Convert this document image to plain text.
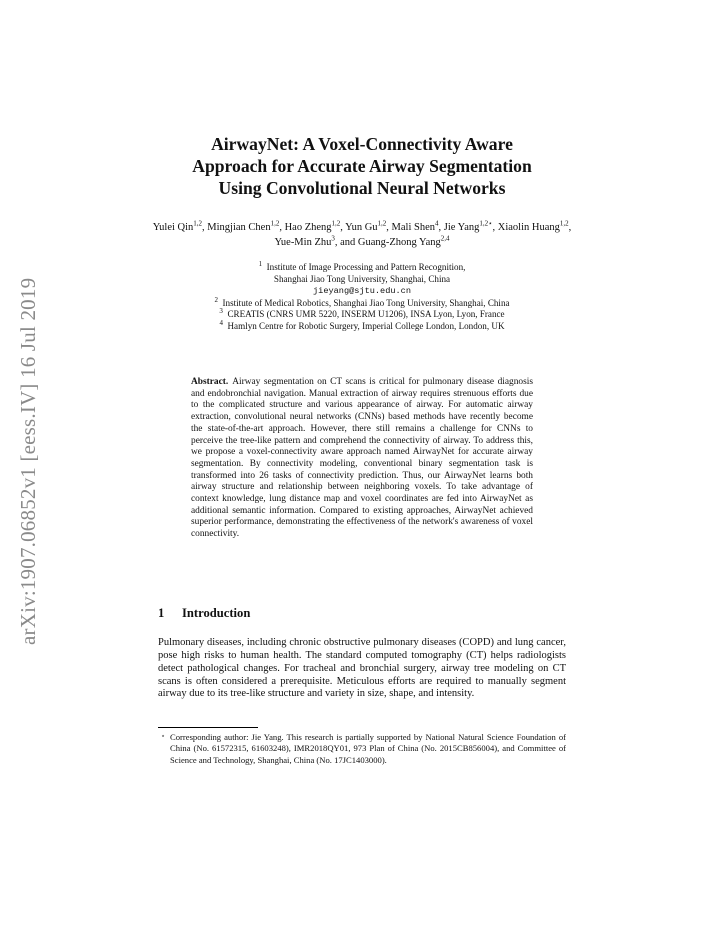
arXiv:1907.06852v1 [eess.IV] 16 Jul 2019
AirwayNet: A Voxel-Connectivity Aware
Approach for Accurate Airway Segmentation
Using Convolutional Neural Networks
Yulei Qin$^{1,2}$, Mingjian Chen$^{1,2}$, Hao Zheng$^{1,2}$, Yun Gu$^{1,2}$, Mali Shen$^4$, Jie Yang$^{1,2⋆}$, Xiaolin Huang$^{1,2}$, Yue-Min Zhu$^3$, and Guang-Zhong Yang$^{2,4}$
$^1$  Institute of Image Processing and Pattern Recognition,
Shanghai Jiao Tong University, Shanghai, China
jieyang@sjtu.edu.cn
$^2$  Institute of Medical Robotics, Shanghai Jiao Tong University, Shanghai, China
$^3$  CREATIS (CNRS UMR 5220, INSERM U1206), INSA Lyon, Lyon, France
$^4$  Hamlyn Centre for Robotic Surgery, Imperial College London, London, UK
Abstract. Airway segmentation on CT scans is critical for pulmonary disease diagnosis and endobronchial navigation. Manual extraction of airway requires strenuous efforts due to the complicated structure and various appearance of airway. For automatic airway extraction, convolutional neural networks (CNNs) based methods have recently become the state-of-the-art approach. However, there still remains a challenge for CNNs to perceive the tree-like pattern and comprehend the connectivity of airway. To address this, we propose a voxel-connectivity aware approach named AirwayNet for accurate airway segmentation. By connectivity modeling, conventional binary segmentation task is transformed into 26 tasks of connectivity prediction. Thus, our AirwayNet learns both airway structure and relationship between neighboring voxels. To take advantage of context knowledge, lung distance map and voxel coordinates are fed into AirwayNet as additional semantic information. Compared to existing approaches, AirwayNet achieved superior performance, demonstrating the effectiveness of the network's awareness of voxel connectivity.
1 Introduction
Pulmonary diseases, including chronic obstructive pulmonary diseases (COPD) and lung cancer, pose high risks to human health. The standard computed tomography (CT) helps radiologists detect pathological changes. For tracheal and bronchial surgery, airway tree modeling on CT scans is often considered a prerequisite. Meticulous efforts are required to manually segment airway due to its tree-like structure and variety in size, shape, and intensity.
⋆ Corresponding author: Jie Yang. This research is partially supported by National Natural Science Foundation of China (No. 61572315, 61603248), IMR2018QY01, 973 Plan of China (No. 2015CB856004), and Committee of Science and Technology, Shanghai, China (No. 17JC1403000).
